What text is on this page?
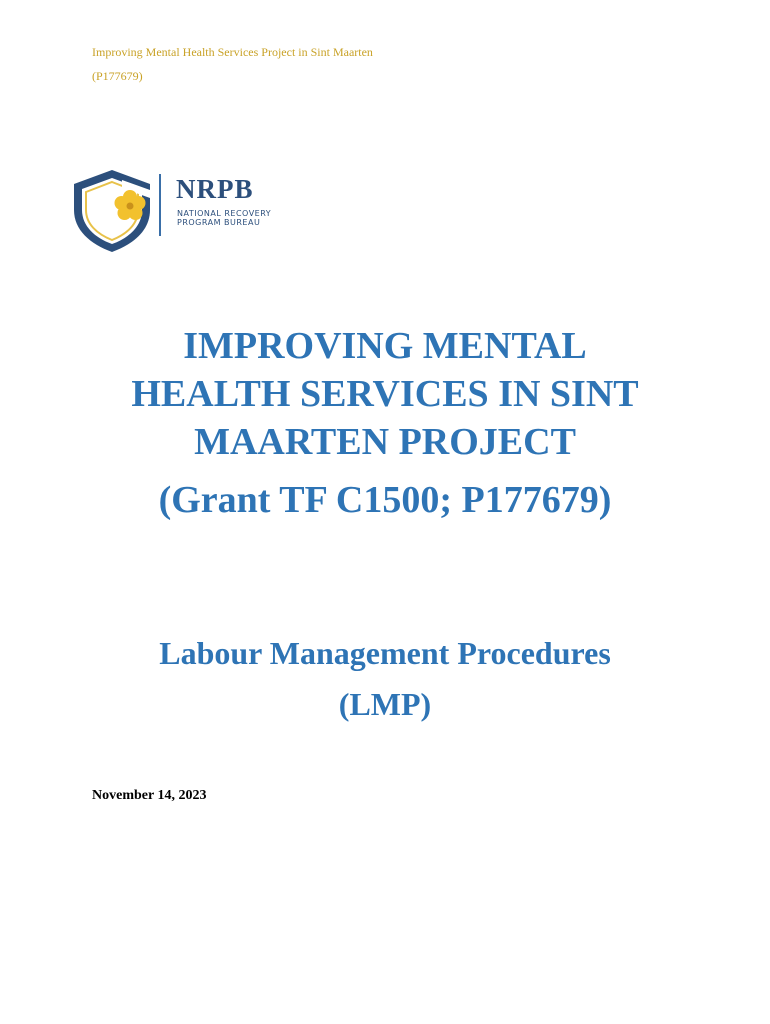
Improving Mental Health Services Project in Sint Maarten
(P177679)
NRPB
NATIONAL RECOVERY
PROGRAM BUREAU
IMPROVING MENTAL
HEALTH SERVICES IN SINT
MAARTEN PROJECT
(Grant TF C1500; P177679)
Labour Management Procedures
(LMP)
November 14, 2023
